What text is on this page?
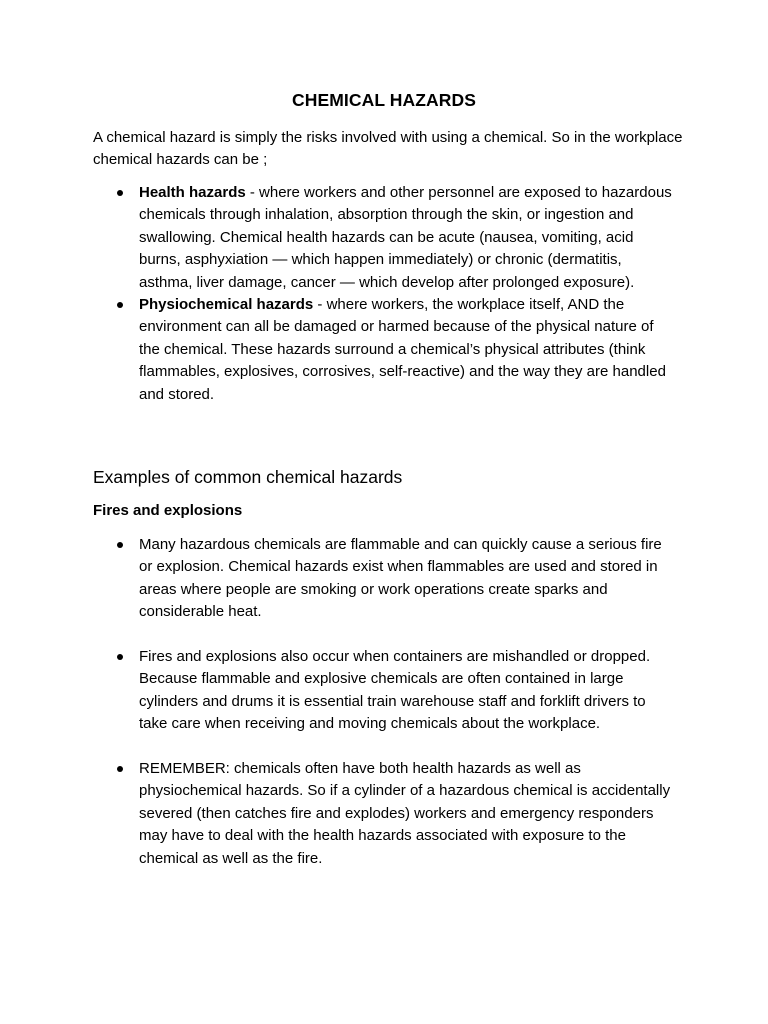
CHEMICAL HAZARDS

A chemical hazard is simply the risks involved with using a chemical. So in the workplace chemical hazards can be ;

Health hazards - where workers and other personnel are exposed to hazardous chemicals through inhalation, absorption through the skin, or ingestion and swallowing. Chemical health hazards can be acute (nausea, vomiting, acid burns, asphyxiation — which happen immediately) or chronic (dermatitis, asthma, liver damage, cancer — which develop after prolonged exposure).
Physiochemical hazards - where workers, the workplace itself, AND the environment can all be damaged or harmed because of the physical nature of the chemical. These hazards surround a chemical’s physical attributes (think flammables, explosives, corrosives, self-reactive) and the way they are handled and stored.
Examples of common chemical hazards
Fires and explosions
Many hazardous chemicals are flammable and can quickly cause a serious fire or explosion. Chemical hazards exist when flammables are used and stored in areas where people are smoking or work operations create sparks and considerable heat.
Fires and explosions also occur when containers are mishandled or dropped. Because flammable and explosive chemicals are often contained in large cylinders and drums it is essential train warehouse staff and forklift drivers to take care when receiving and moving chemicals about the workplace.
REMEMBER: chemicals often have both health hazards as well as physiochemical hazards. So if a cylinder of a hazardous chemical is accidentally severed (then catches fire and explodes) workers and emergency responders may have to deal with the health hazards associated with exposure to the chemical as well as the fire.
